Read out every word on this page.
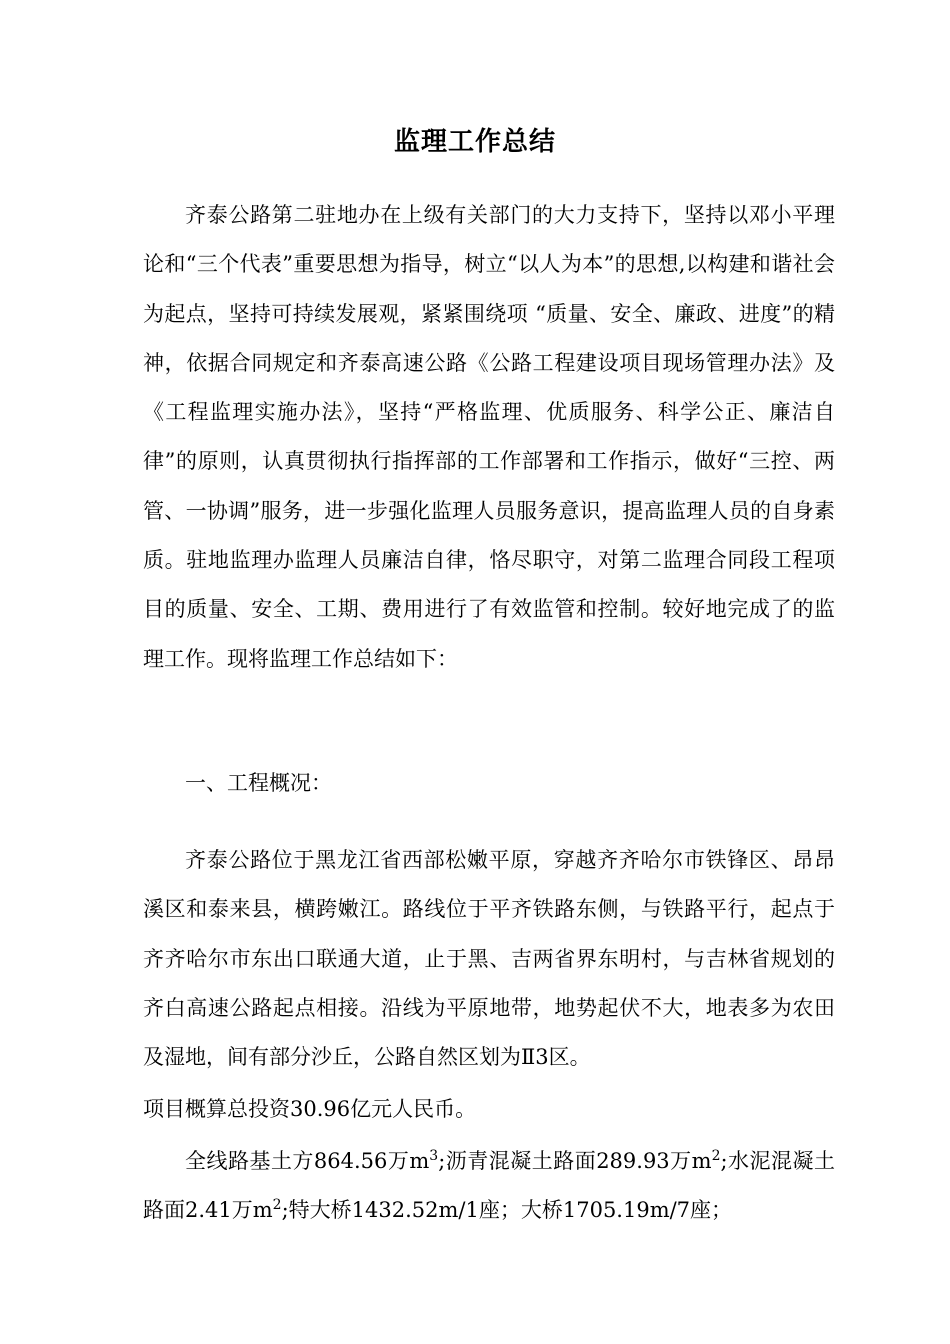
监理工作总结

齐泰公路第二驻地办在上级有关部门的大力支持下，坚持以邓小平理论和“三个代表”重要思想为指导，树立“以人为本”的思想,以构建和谐社会为起点，坚持可持续发展观，紧紧围绕项 “质量、安全、廉政、进度”的精神，依据合同规定和齐泰高速公路《公路工程建设项目现场管理办法》及《工程监理实施办法》，坚持“严格监理、优质服务、科学公正、廉洁自律”的原则，认真贯彻执行指挥部的工作部署和工作指示，做好“三控、两管、一协调”服务，进一步强化监理人员服务意识，提高监理人员的自身素质。驻地监理办监理人员廉洁自律，恪尽职守，对第二监理合同段工程项目的质量、安全、工期、费用进行了有效监管和控制。较好地完成了的监理工作。现将监理工作总结如下：

一、工程概况：

齐泰公路位于黑龙江省西部松嫩平原，穿越齐齐哈尔市铁锋区、昂昂溪区和泰来县，横跨嫩江。路线位于平齐铁路东侧，与铁路平行，起点于齐齐哈尔市东出口联通大道，止于黑、吉两省界东明村，与吉林省规划的齐白高速公路起点相接。沿线为平原地带，地势起伏不大，地表多为农田及湿地，间有部分沙丘，公路自然区划为Ⅱ3区。

项目概算总投资30.96亿元人民币。

全线路基土方864.56万$m^3$;沥青混凝土路面289.93万$m^2$;水泥混凝土路面2.41万$m^2$;特大桥1432.52m/1座；大桥1705.19m/7座；
